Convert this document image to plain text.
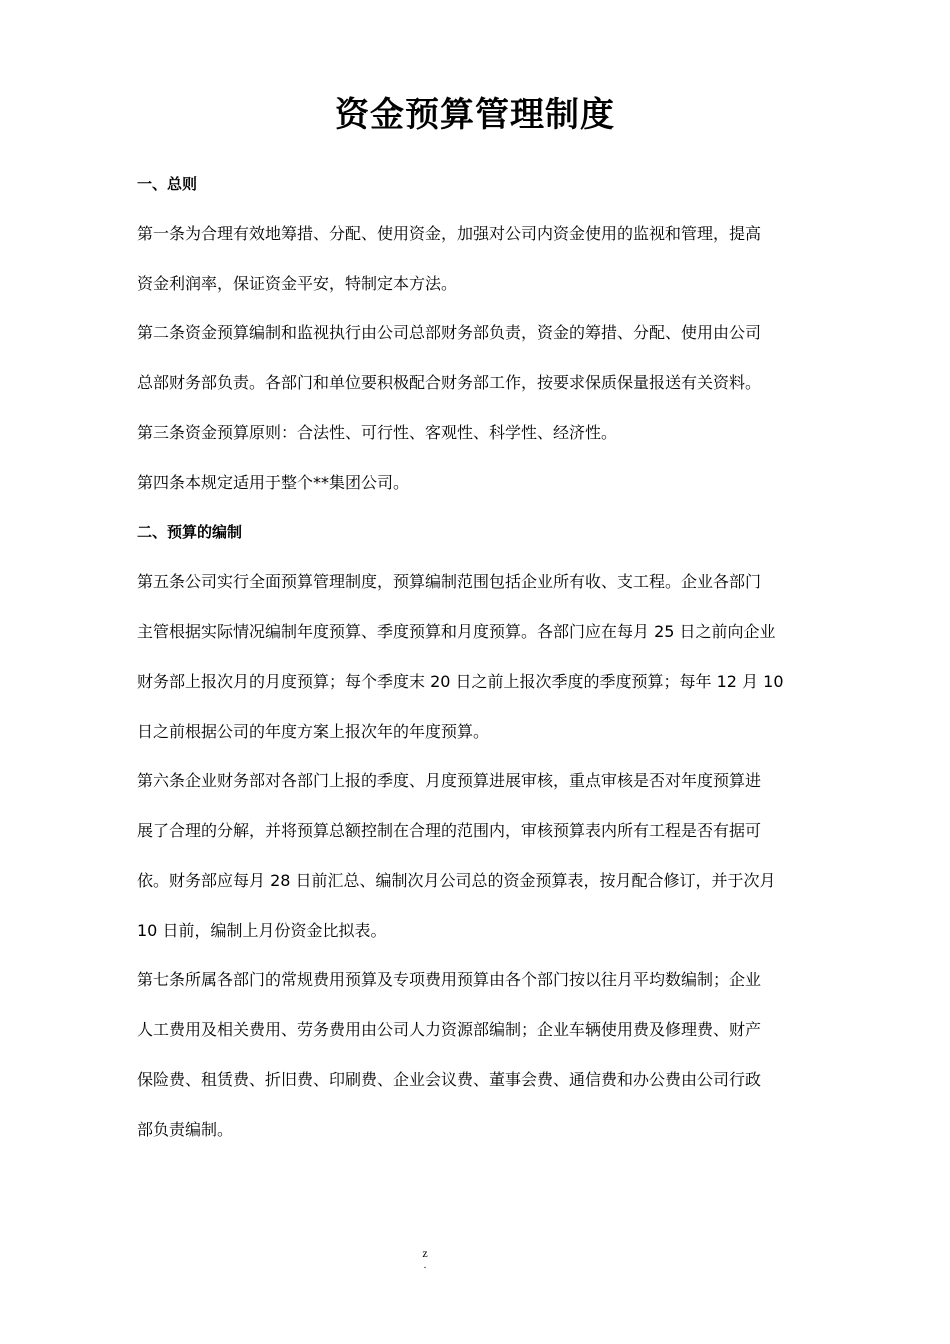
资金预算管理制度
一、总则

第一条为合理有效地筹措、分配、使用资金，加强对公司内资金使用的监视和管理，提高
资金利润率，保证资金平安，特制定本方法。

第二条资金预算编制和监视执行由公司总部财务部负责，资金的筹措、分配、使用由公司
总部财务部负责。各部门和单位要积极配合财务部工作，按要求保质保量报送有关资料。

第三条资金预算原则：合法性、可行性、客观性、科学性、经济性。

第四条本规定适用于整个**集团公司。

二、预算的编制

第五条公司实行全面预算管理制度，预算编制范围包括企业所有收、支工程。企业各部门
主管根据实际情况编制年度预算、季度预算和月度预算。各部门应在每月 25 日之前向企业
财务部上报次月的月度预算；每个季度末 20 日之前上报次季度的季度预算；每年 12 月 10
日之前根据公司的年度方案上报次年的年度预算。

第六条企业财务部对各部门上报的季度、月度预算进展审核，重点审核是否对年度预算进
展了合理的分解，并将预算总额控制在合理的范围内，审核预算表内所有工程是否有据可
依。财务部应每月 28 日前汇总、编制次月公司总的资金预算表，按月配合修订，并于次月
10 日前，编制上月份资金比拟表。

第七条所属各部门的常规费用预算及专项费用预算由各个部门按以往月平均数编制；企业
人工费用及相关费用、劳务费用由公司人力资源部编制；企业车辆使用费及修理费、财产
保险费、租赁费、折旧费、印刷费、企业会议费、董事会费、通信费和办公费由公司行政
部负责编制。

z
.
